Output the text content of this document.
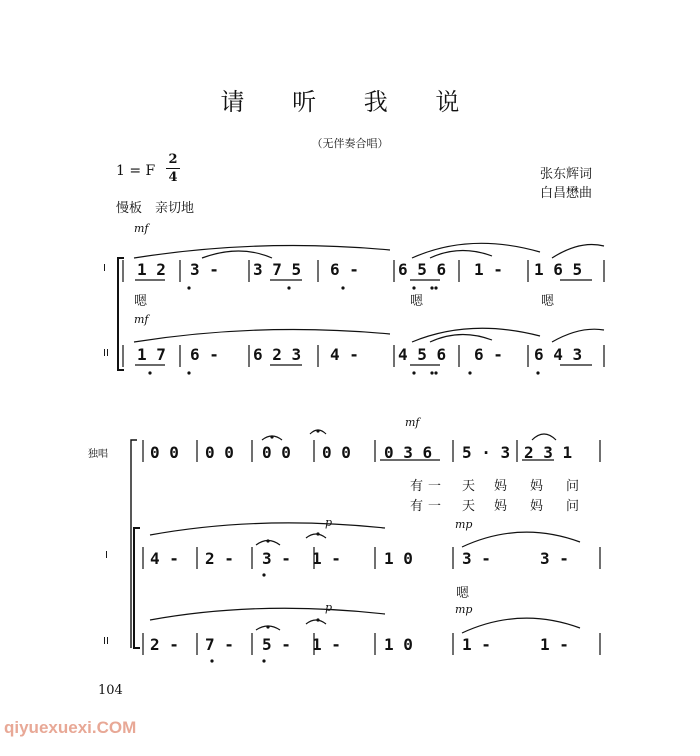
请 听 我 说
（无伴奏合唱）
1 = F
2
4
慢板　亲切地
张东辉词
白昌懋曲
mf
I 1 2 3 - 3 7 5 6 - 6 5 6 1 - 1 6 5
嗯	嗯	嗯
mf
II 1 7 6 - 6 2 3 4 - 4 5 6 6 - 6 4 3
mf
独唱	0 0 0 0 0 0 0 0 0 3 6 5 · 3 2 3 1
有 一 天 妈 妈 问
有 一 天 妈 妈 问
p	mp
I	4 - 2 - 3 - 1 -	1 0	3 -	3 -
嗯
p	mp
II	2 - 7 - 5 - 1 -	1 0	1 -	1 -
104
qiyuexuexi.COM
